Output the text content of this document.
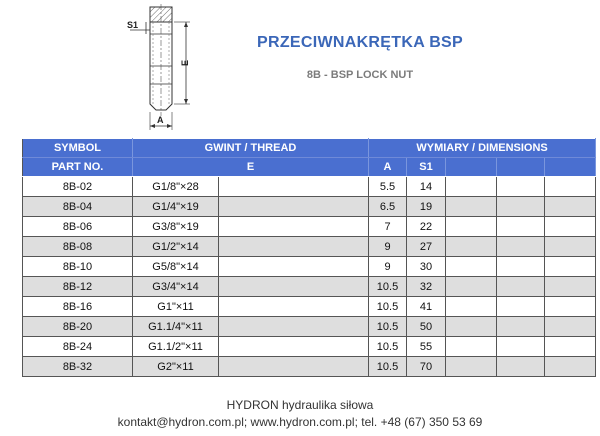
S1
E
A
PRZECIWNAKRĘTKA BSP
8B - BSP LOCK NUT
SYMBOL	GWINT / THREAD		WYMIARY / DIMENSIONS				
PART NO.	E		A	S1			
8B-02	G1/8"×28		5.5	14			
8B-04	G1/4"×19		6.5	19			
8B-06	G3/8"×19		7	22			
8B-08	G1/2"×14		9	27			
8B-10	G5/8"×14		9	30			
8B-12	G3/4"×14		10.5	32			
8B-16	G1"×11		10.5	41			
8B-20	G1.1/4"×11		10.5	50			
8B-24	G1.1/2"×11		10.5	55			
8B-32	G2"×11		10.5	70			
HYDRON hydraulika siłowa
kontakt@hydron.com.pl; www.hydron.com.pl; tel. +48 (67) 350 53 69
